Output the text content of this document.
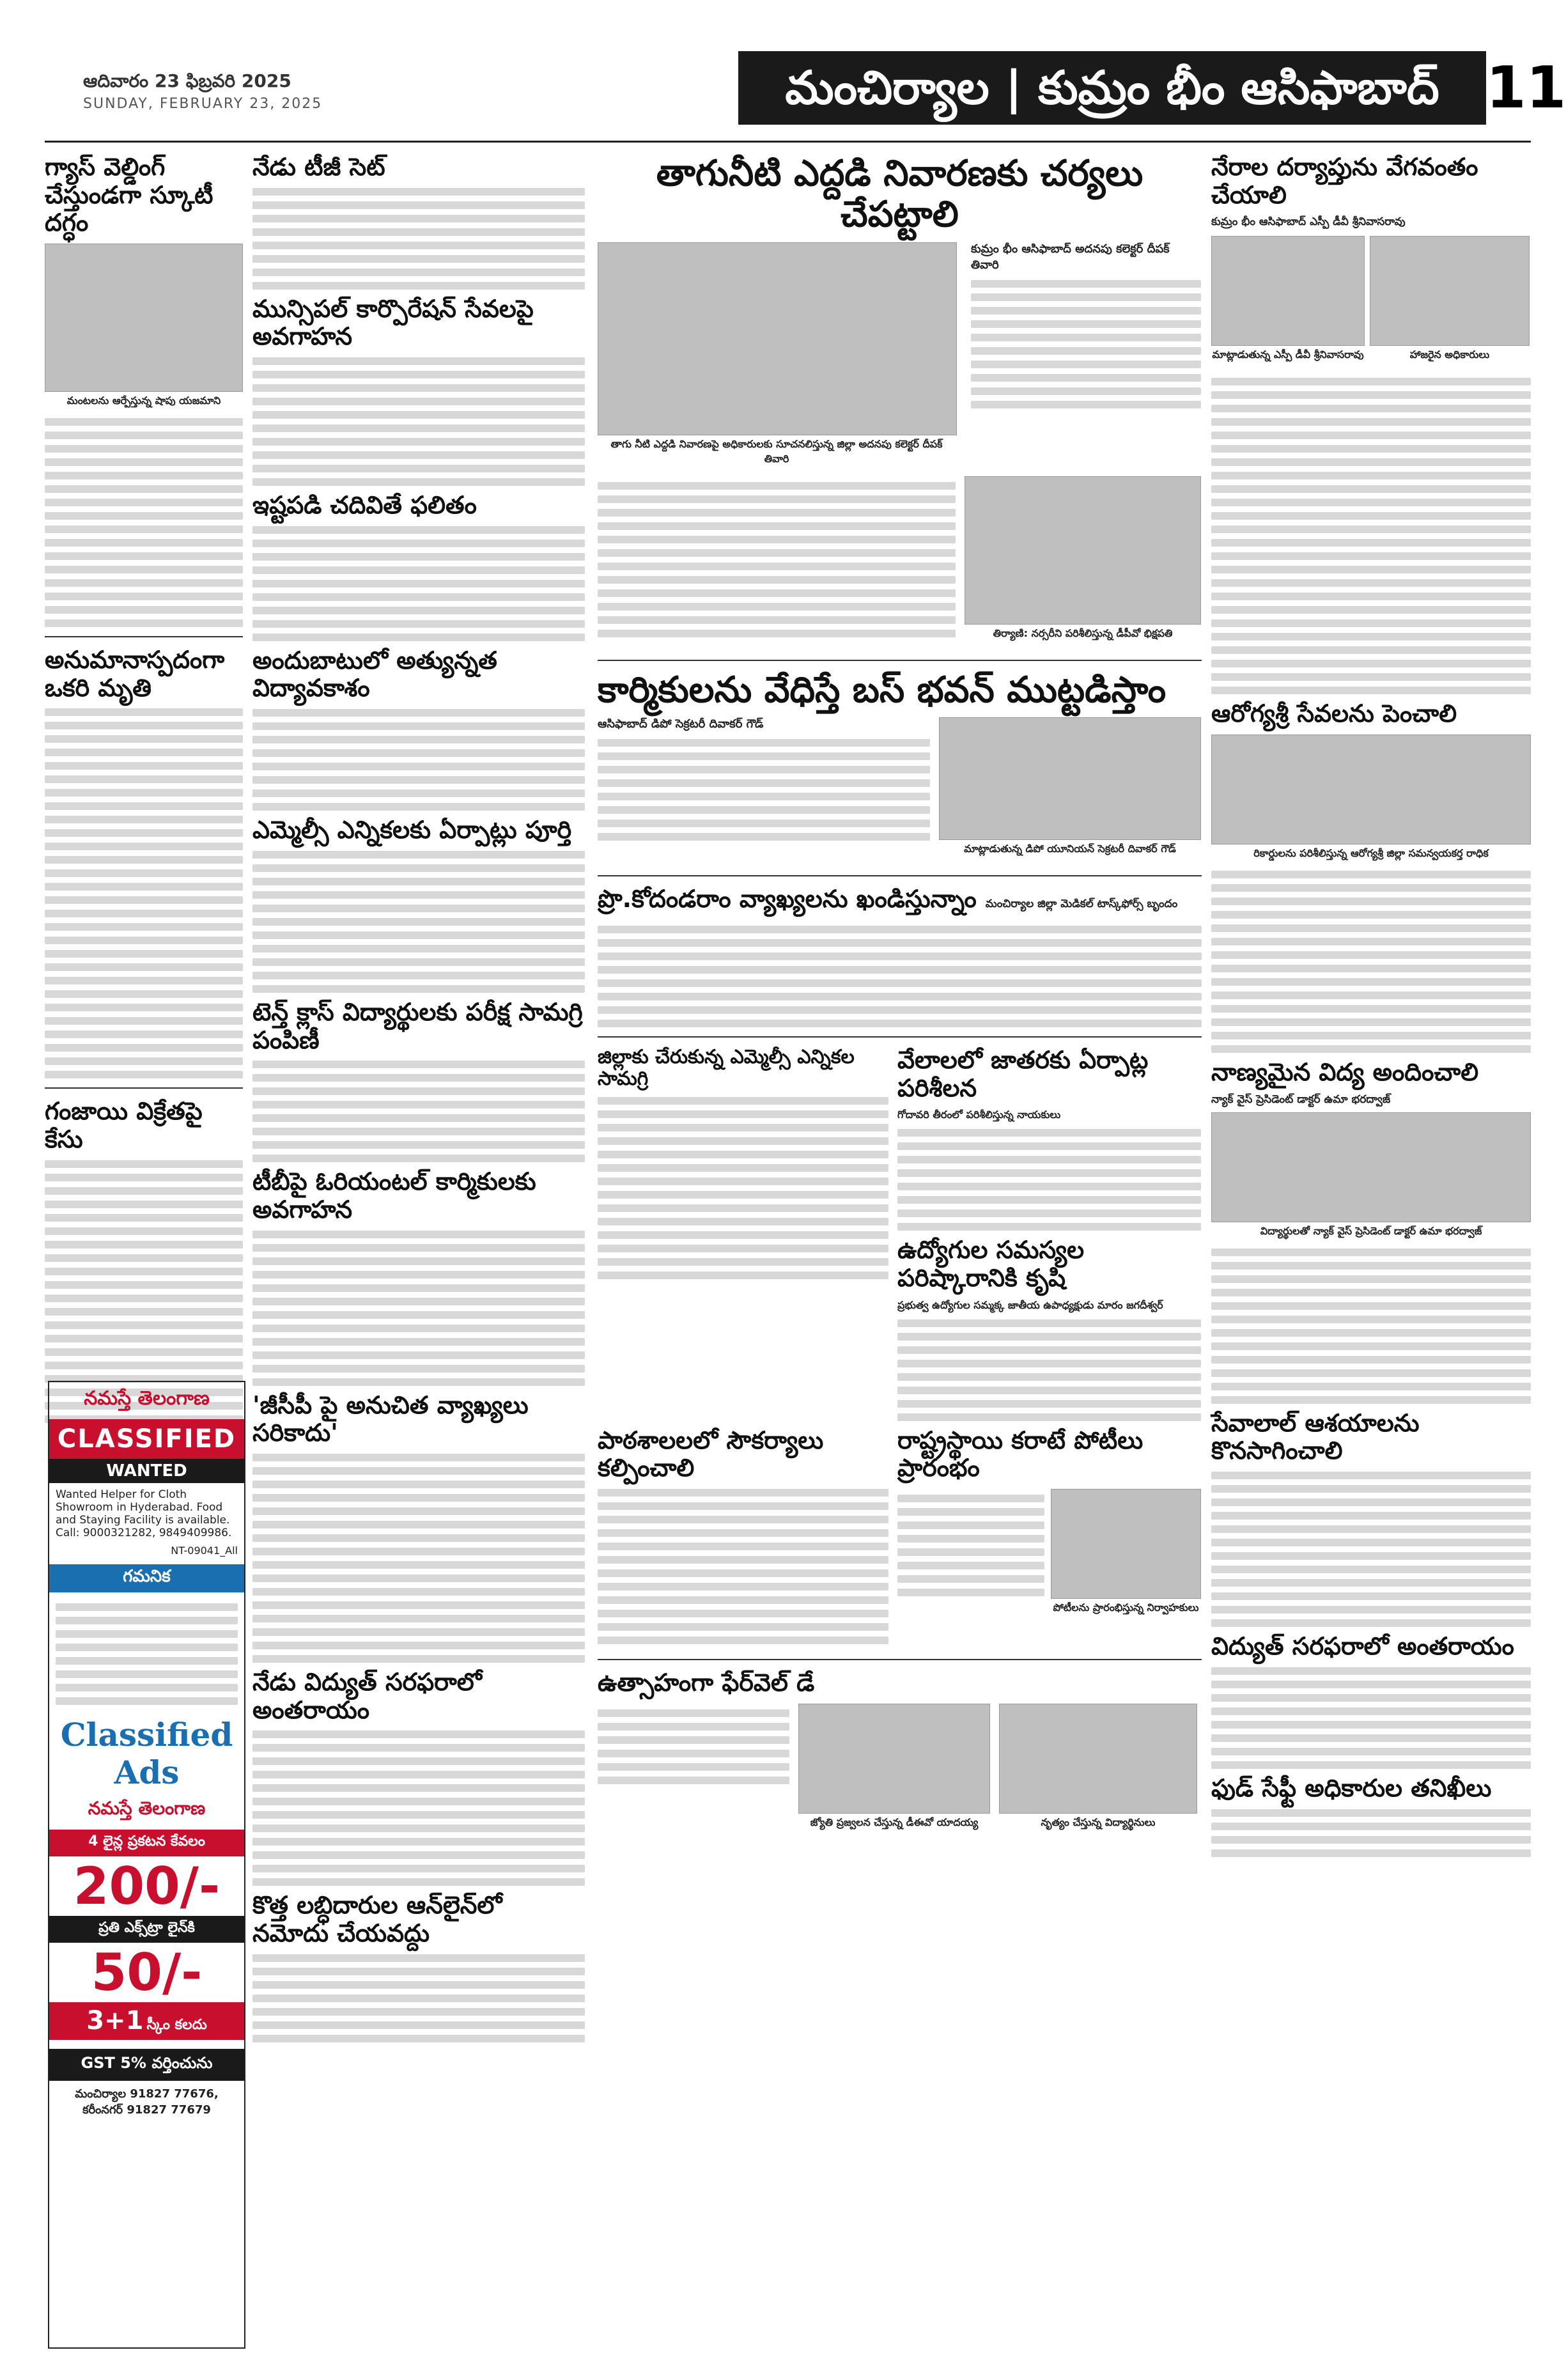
ఆదివారం 23 ఫిబ్రవరి 2025
SUNDAY, FEBRUARY 23, 2025	మంచిర్యాల | కుమ్రం భీం ఆసిఫాబాద్ 11
గ్యాస్ వెల్డింగ్ చేస్తుండగా స్కూటీ దగ్ధం
మంటలను ఆర్పేస్తున్న షాపు యజమాని
అనుమానాస్పదంగా ఒకరి మృతి
గంజాయి విక్రేతపై కేసు
నమస్తే తెలంగాణ
CLASSIFIED
WANTED
Wanted Helper for Cloth Showroom in Hyderabad. Food and Staying Facility is available. Call: 9000321282, 9849409986.
NT-09041_All
గమనిక
Classified Ads
నమస్తే తెలంగాణ
4 లైన్ల ప్రకటన కేవలం
200/-
ప్రతి ఎక్స్‌ట్రా లైన్‌కి
50/-
3+1 స్కీం కలదు
GST 5% వర్తించును
మంచిర్యాల 91827 77676, కరీంనగర్ 91827 77679
నేడు టీజీ సెట్
మున్సిపల్ కార్పొరేషన్ సేవలపై అవగాహన
ఇష్టపడి చదివితే ఫలితం
అందుబాటులో అత్యున్నత విద్యావకాశం
ఎమ్మెల్సీ ఎన్నికలకు ఏర్పాట్లు పూర్తి
టెన్త్ క్లాస్ విద్యార్థులకు పరీక్ష సామగ్రి పంపిణీ
టీబీపై ఓరియంటల్ కార్మికులకు అవగాహన
'జీసీపీ పై అనుచిత వ్యాఖ్యలు సరికాదు'
నేడు విద్యుత్ సరఫరాలో అంతరాయం
కొత్త లబ్ధిదారుల ఆన్‌లైన్‌లో నమోదు చేయవద్దు
తాగునీటి ఎద్దడి నివారణకు చర్యలు చేపట్టాలి
తాగు నీటి ఎద్దడి నివారణపై అధికారులకు సూచనలిస్తున్న జిల్లా అదనపు కలెక్టర్ దీపక్ తివారి
కుమ్రం భీం ఆసిఫాబాద్ అదనపు కలెక్టర్ దీపక్ తివారి
తిర్యాణి: నర్సరీని పరిశీలిస్తున్న డీపీవో భిక్షపతి
కార్మికులను వేధిస్తే బస్ భవన్ ముట్టడిస్తాం
ఆసిఫాబాద్ డిపో సెక్రటరీ దివాకర్ గౌడ్
మాట్లాడుతున్న డిపో యూనియన్ సెక్రటరీ దివాకర్ గౌడ్
ప్రొ.కోదండరాం వ్యాఖ్యలను ఖండిస్తున్నాం మంచిర్యాల జిల్లా మెడికల్ టాస్క్‌ఫోర్స్ బృందం
జిల్లాకు చేరుకున్న ఎమ్మెల్సీ ఎన్నికల సామగ్రి
వేలాలలో జాతరకు ఏర్పాట్ల పరిశీలన
గోదావరి తీరంలో పరిశీలిస్తున్న నాయకులు
ఉద్యోగుల సమస్యల పరిష్కారానికి కృషి
ప్రభుత్వ ఉద్యోగుల సమ్మక్క జాతీయ ఉపాధ్యక్షుడు మారం జగదీశ్వర్
పాఠశాలలలో సౌకర్యాలు కల్పించాలి
రాష్ట్రస్థాయి కరాటే పోటీలు ప్రారంభం
పోటీలను ప్రారంభిస్తున్న నిర్వాహకులు
ఉత్సాహంగా ఫేర్‌వెల్ డే
జ్యోతి ప్రజ్వలన చేస్తున్న డీఈవో యాదయ్య	నృత్యం చేస్తున్న విద్యార్థినులు
నేరాల దర్యాప్తును వేగవంతం చేయాలి
కుమ్రం భీం ఆసిఫాబాద్ ఎస్పీ డీవీ శ్రీనివాసరావు
మాట్లాడుతున్న ఎస్పీ డీవీ శ్రీనివాసరావు	హాజరైన అధికారులు
ఆరోగ్యశ్రీ సేవలను పెంచాలి
రికార్డులను పరిశీలిస్తున్న ఆరోగ్యశ్రీ జిల్లా సమన్వయకర్త రాధిక
నాణ్యమైన విద్య అందించాలి
న్యాక్ వైస్ ప్రెసిడెంట్ డాక్టర్ ఉమా భరద్వాజ్
విద్యార్థులతో న్యాక్ వైస్ ప్రెసిడెంట్ డాక్టర్ ఉమా భరద్వాజ్
సేవాలాల్ ఆశయాలను కొనసాగించాలి
విద్యుత్ సరఫరాలో అంతరాయం
ఫుడ్ సేఫ్టీ అధికారుల తనిఖీలు
